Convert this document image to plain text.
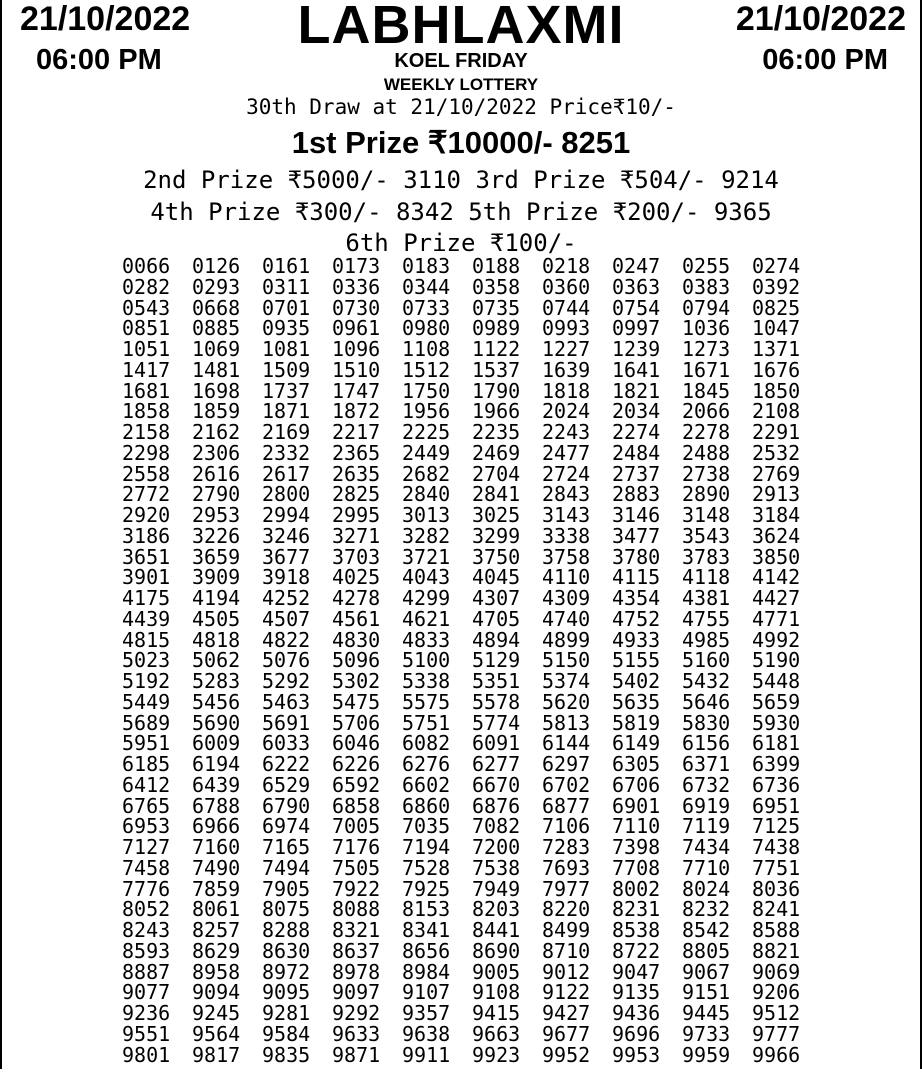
21/10/2022
06:00 PM
21/10/2022
06:00 PM
LABHLAXMI
KOEL FRIDAY
WEEKLY LOTTERY
30th Draw at 21/10/2022 Price₹10/-
1st Prize ₹10000/- 8251
2nd Prize ₹5000/- 3110 3rd Prize ₹504/- 9214
4th Prize ₹300/- 8342 5th Prize ₹200/- 9365
6th Prize ₹100/-
0066	0126	0161	0173	0183	0188	0218	0247	0255	0274
0282	0293	0311	0336	0344	0358	0360	0363	0383	0392
0543	0668	0701	0730	0733	0735	0744	0754	0794	0825
0851	0885	0935	0961	0980	0989	0993	0997	1036	1047
1051	1069	1081	1096	1108	1122	1227	1239	1273	1371
1417	1481	1509	1510	1512	1537	1639	1641	1671	1676
1681	1698	1737	1747	1750	1790	1818	1821	1845	1850
1858	1859	1871	1872	1956	1966	2024	2034	2066	2108
2158	2162	2169	2217	2225	2235	2243	2274	2278	2291
2298	2306	2332	2365	2449	2469	2477	2484	2488	2532
2558	2616	2617	2635	2682	2704	2724	2737	2738	2769
2772	2790	2800	2825	2840	2841	2843	2883	2890	2913
2920	2953	2994	2995	3013	3025	3143	3146	3148	3184
3186	3226	3246	3271	3282	3299	3338	3477	3543	3624
3651	3659	3677	3703	3721	3750	3758	3780	3783	3850
3901	3909	3918	4025	4043	4045	4110	4115	4118	4142
4175	4194	4252	4278	4299	4307	4309	4354	4381	4427
4439	4505	4507	4561	4621	4705	4740	4752	4755	4771
4815	4818	4822	4830	4833	4894	4899	4933	4985	4992
5023	5062	5076	5096	5100	5129	5150	5155	5160	5190
5192	5283	5292	5302	5338	5351	5374	5402	5432	5448
5449	5456	5463	5475	5575	5578	5620	5635	5646	5659
5689	5690	5691	5706	5751	5774	5813	5819	5830	5930
5951	6009	6033	6046	6082	6091	6144	6149	6156	6181
6185	6194	6222	6226	6276	6277	6297	6305	6371	6399
6412	6439	6529	6592	6602	6670	6702	6706	6732	6736
6765	6788	6790	6858	6860	6876	6877	6901	6919	6951
6953	6966	6974	7005	7035	7082	7106	7110	7119	7125
7127	7160	7165	7176	7194	7200	7283	7398	7434	7438
7458	7490	7494	7505	7528	7538	7693	7708	7710	7751
7776	7859	7905	7922	7925	7949	7977	8002	8024	8036
8052	8061	8075	8088	8153	8203	8220	8231	8232	8241
8243	8257	8288	8321	8341	8441	8499	8538	8542	8588
8593	8629	8630	8637	8656	8690	8710	8722	8805	8821
8887	8958	8972	8978	8984	9005	9012	9047	9067	9069
9077	9094	9095	9097	9107	9108	9122	9135	9151	9206
9236	9245	9281	9292	9357	9415	9427	9436	9445	9512
9551	9564	9584	9633	9638	9663	9677	9696	9733	9777
9801	9817	9835	9871	9911	9923	9952	9953	9959	9966
